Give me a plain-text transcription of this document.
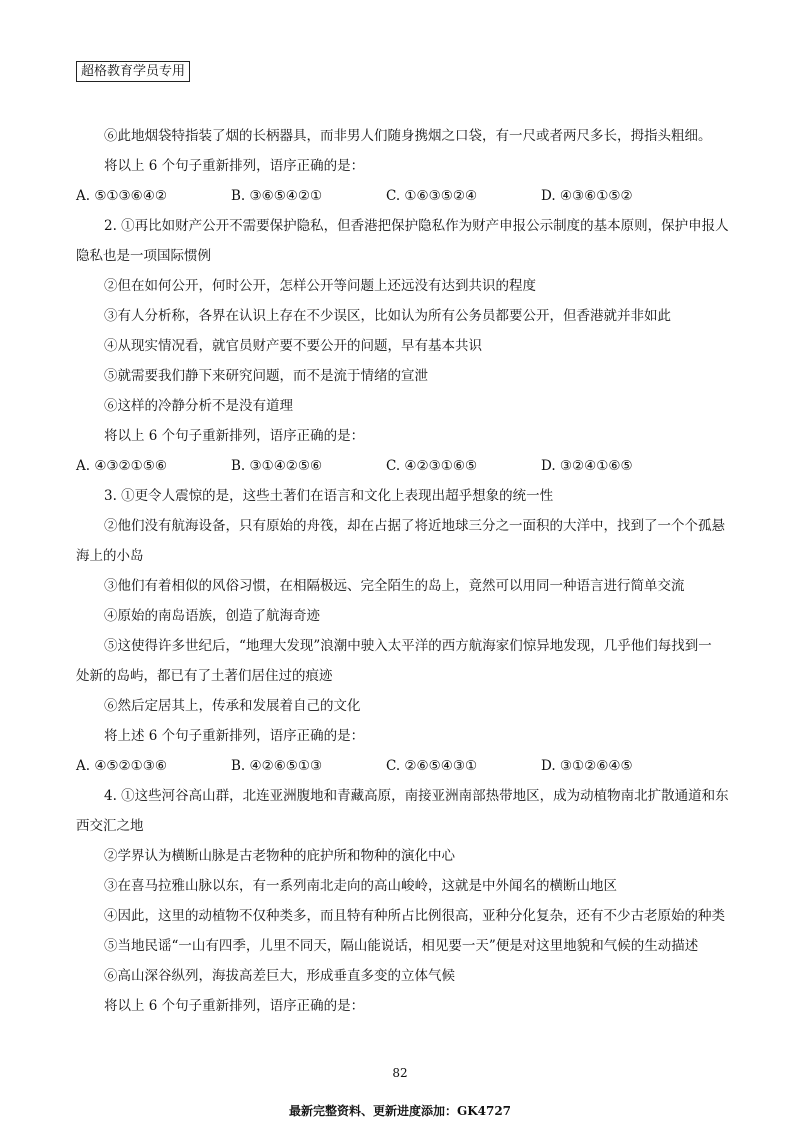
超格教育学员专用
⑥此地烟袋特指装了烟的长柄器具，而非男人们随身携烟之口袋，有一尺或者两尺多长，拇指头粗细。
将以上 6 个句子重新排列，语序正确的是：
A. ⑤①③⑥④②	B. ③⑥⑤④②①	C. ①⑥③⑤②④	D. ④③⑥①⑤②
2. ①再比如财产公开不需要保护隐私，但香港把保护隐私作为财产申报公示制度的基本原则，保护申报人
隐私也是一项国际惯例
②但在如何公开，何时公开，怎样公开等问题上还远没有达到共识的程度
③有人分析称，各界在认识上存在不少误区，比如认为所有公务员都要公开，但香港就并非如此
④从现实情况看，就官员财产要不要公开的问题，早有基本共识
⑤就需要我们静下来研究问题，而不是流于情绪的宣泄
⑥这样的冷静分析不是没有道理
将以上 6 个句子重新排列，语序正确的是：
A. ④③②①⑤⑥	B. ③①④②⑤⑥	C. ④②③①⑥⑤	D. ③②④①⑥⑤
3. ①更令人震惊的是，这些土著们在语言和文化上表现出超乎想象的统一性
②他们没有航海设备，只有原始的舟筏，却在占据了将近地球三分之一面积的大洋中，找到了一个个孤悬
海上的小岛
③他们有着相似的风俗习惯，在相隔极远、完全陌生的岛上，竟然可以用同一种语言进行简单交流
④原始的南岛语族，创造了航海奇迹
⑤这使得许多世纪后，“地理大发现”浪潮中驶入太平洋的西方航海家们惊异地发现，几乎他们每找到一
处新的岛屿，都已有了土著们居住过的痕迹
⑥然后定居其上，传承和发展着自己的文化
将上述 6 个句子重新排列，语序正确的是：
A. ④⑤②①③⑥	B. ④②⑥⑤①③	C. ②⑥⑤④③①	D. ③①②⑥④⑤
4. ①这些河谷高山群，北连亚洲腹地和青藏高原，南接亚洲南部热带地区，成为动植物南北扩散通道和东
西交汇之地
②学界认为横断山脉是古老物种的庇护所和物种的演化中心
③在喜马拉雅山脉以东，有一系列南北走向的高山峻岭，这就是中外闻名的横断山地区
④因此，这里的动植物不仅种类多，而且特有种所占比例很高，亚种分化复杂，还有不少古老原始的种类
⑤当地民谣“一山有四季，儿里不同天，隔山能说话，相见要一天”便是对这里地貌和气候的生动描述
⑥高山深谷纵列，海拔高差巨大，形成垂直多变的立体气候
将以上 6 个句子重新排列，语序正确的是：
82
最新完整资料、更新进度添加：GK4727
